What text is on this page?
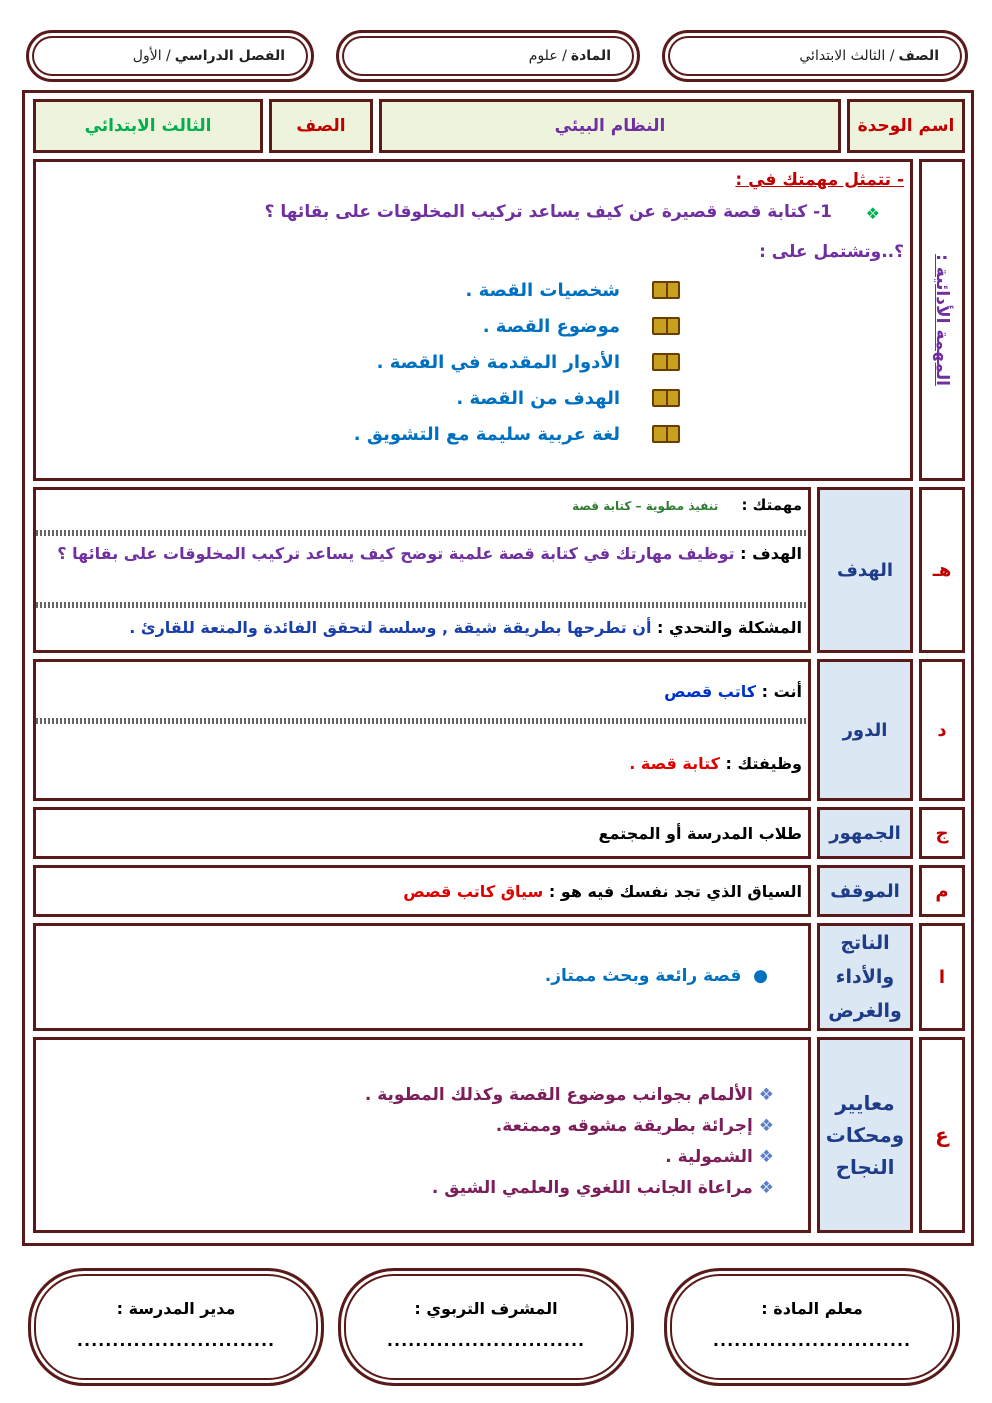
الصف
/
الثالث الابتدائي
المادة
/
علوم
الفصل الدراسي
/
الأول
اسم الوحدة
النظام البيئي
الصف
الثالث الابتدائي
المهمة الأدائية :
- تتمثل مهمتك في :
❖
1- كتابة قصة قصيرة عن كيف يساعد تركيب المخلوقات على بقائها ؟
؟..وتشتمل على :
شخصيات القصة .
موضوع القصة .
الأدوار المقدمة في القصة .
الهدف من القصة .
لغة عربية سليمة مع التشويق .
هـ
الهدف
مهمتك : تنفيذ مطوية – كتابة قصة
الهدف : توظيف مهارتك في كتابة قصة علمية توضح كيف يساعد تركيب المخلوقات على بقائها ؟
المشكلة والتحدي : أن تطرحها بطريقة شيقة , وسلسة لتحقق الفائدة والمتعة للقارئ .
د
الدور
أنت : كاتب قصص
وظيفتك : كتابة قصة .
ج
الجمهور
طلاب المدرسة أو المجتمع
م
الموقف
السياق الذي تجد نفسك فيه هو : سياق كاتب قصص
ا
الناتج والأداء والغرض
●  قصة رائعة وبحث ممتاز.
ع
معايير ومحكات النجاح
❖ الألمام بجوانب موضوع القصة وكذلك المطوية .
❖ إجرائة بطريقة مشوقه وممتعة.
❖ الشمولية .
❖ مراعاة الجانب اللغوي والعلمي الشيق .
معلم المادة :
............................
المشرف التربوي :
............................
مدير المدرسة :
............................
